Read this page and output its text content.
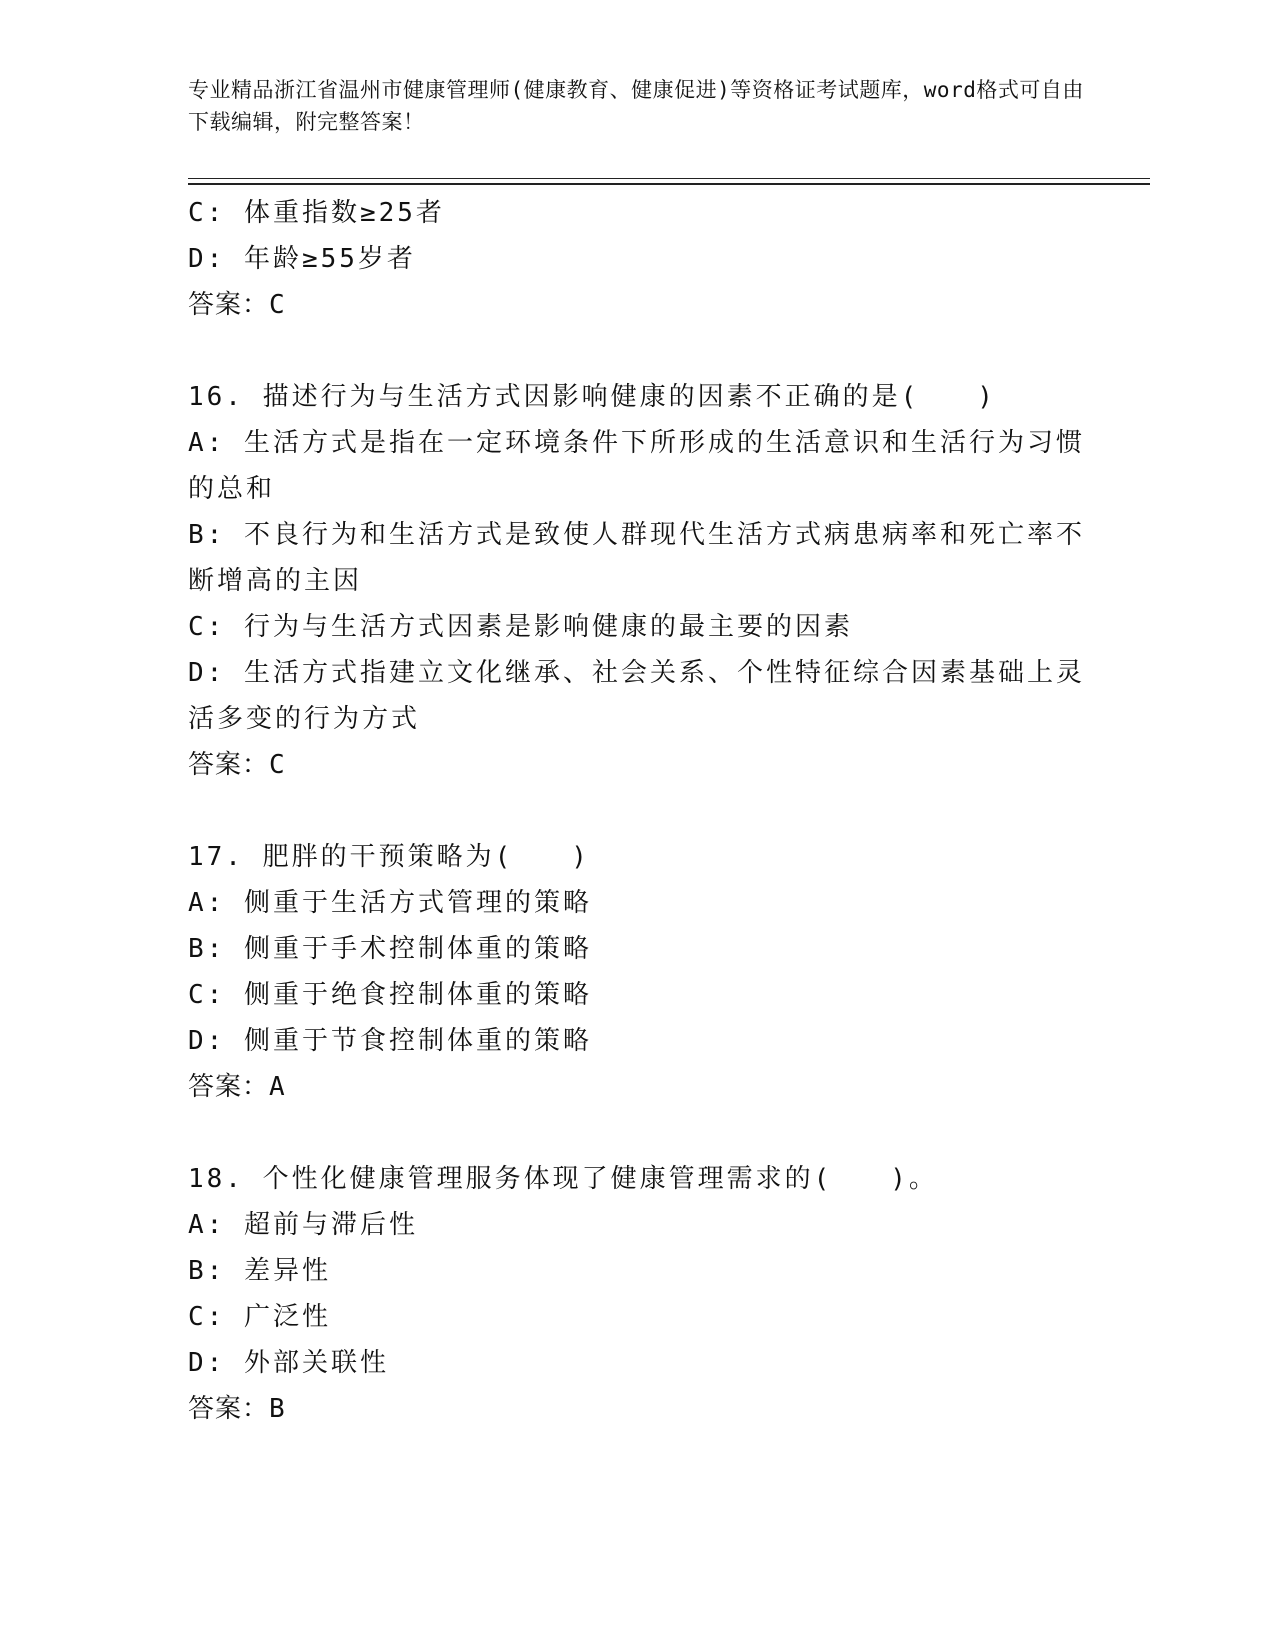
专业精品浙江省温州市健康管理师(健康教育、健康促进)等资格证考试题库，word格式可自由下载编辑，附完整答案！

C: 体重指数≥25者

D: 年龄≥55岁者

答案：C

16. 描述行为与生活方式因影响健康的因素不正确的是(　　)

A: 生活方式是指在一定环境条件下所形成的生活意识和生活行为习惯的总和

B: 不良行为和生活方式是致使人群现代生活方式病患病率和死亡率不断增高的主因

C: 行为与生活方式因素是影响健康的最主要的因素

D: 生活方式指建立文化继承、社会关系、个性特征综合因素基础上灵活多变的行为方式

答案：C

17. 肥胖的干预策略为(　　)

A: 侧重于生活方式管理的策略

B: 侧重于手术控制体重的策略

C: 侧重于绝食控制体重的策略

D: 侧重于节食控制体重的策略

答案：A

18. 个性化健康管理服务体现了健康管理需求的(　　)。

A: 超前与滞后性

B: 差异性

C: 广泛性

D: 外部关联性

答案：B
